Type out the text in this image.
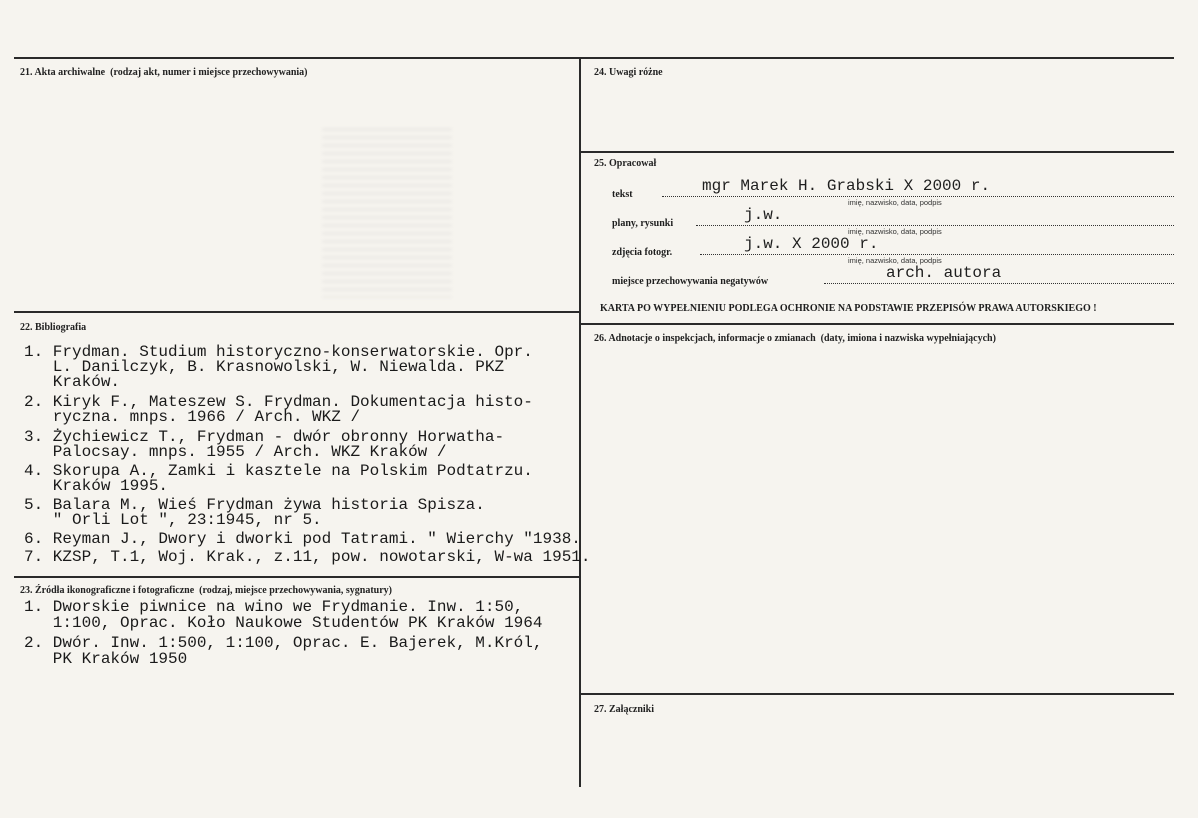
21. Akta archiwalne (rodzaj akt, numer i miejsce przechowywania)
22. Bibliografia
1. Frydman. Studium historyczno-konserwatorskie. Opr.
L. Danilczyk, B. Krasnowolski, W. Niewalda. PKZ
Kraków.
2. Kiryk F., Mateszew S. Frydman. Dokumentacja histo-
ryczna. mnps. 1966 / Arch. WKZ /
3. Żychiewicz T., Frydman - dwór obronny Horwatha-
Palocsay. mnps. 1955 / Arch. WKZ Kraków /
4. Skorupa A., Zamki i kasztele na Polskim Podtatrzu.
Kraków 1995.
5. Balara M., Wieś Frydman żywa historia Spisza.
" Orli Lot ", 23:1945, nr 5.
6. Reyman J., Dwory i dworki pod Tatrami. " Wierchy "1938.
7. KZSP, T.1, Woj. Krak., z.11, pow. nowotarski, W-wa 1951.
23. Źródła ikonograficzne i fotograficzne (rodzaj, miejsce przechowywania, sygnatury)
1. Dworskie piwnice na wino we Frydmanie. Inw. 1:50,
1:100, Oprac. Koło Naukowe Studentów PK Kraków 1964
2. Dwór. Inw. 1:500, 1:100, Oprac. E. Bajerek, M.Król,
PK Kraków 1950
24. Uwagi różne
25. Opracował
tekst	mgr Marek H. Grabski X 2000 r.
imię, nazwisko, data, podpis
plany, rysunki	j.w.
imię, nazwisko, data, podpis
zdjęcia fotogr.	j.w. X 2000 r.
imię, nazwisko, data, podpis
miejsce przechowywania negatywów	arch. autora
KARTA PO WYPEŁNIENIU PODLEGA OCHRONIE NA PODSTAWIE PRZEPISÓW PRAWA AUTORSKIEGO !
26. Adnotacje o inspekcjach, informacje o zmianach (daty, imiona i nazwiska wypełniających)
27. Załączniki
